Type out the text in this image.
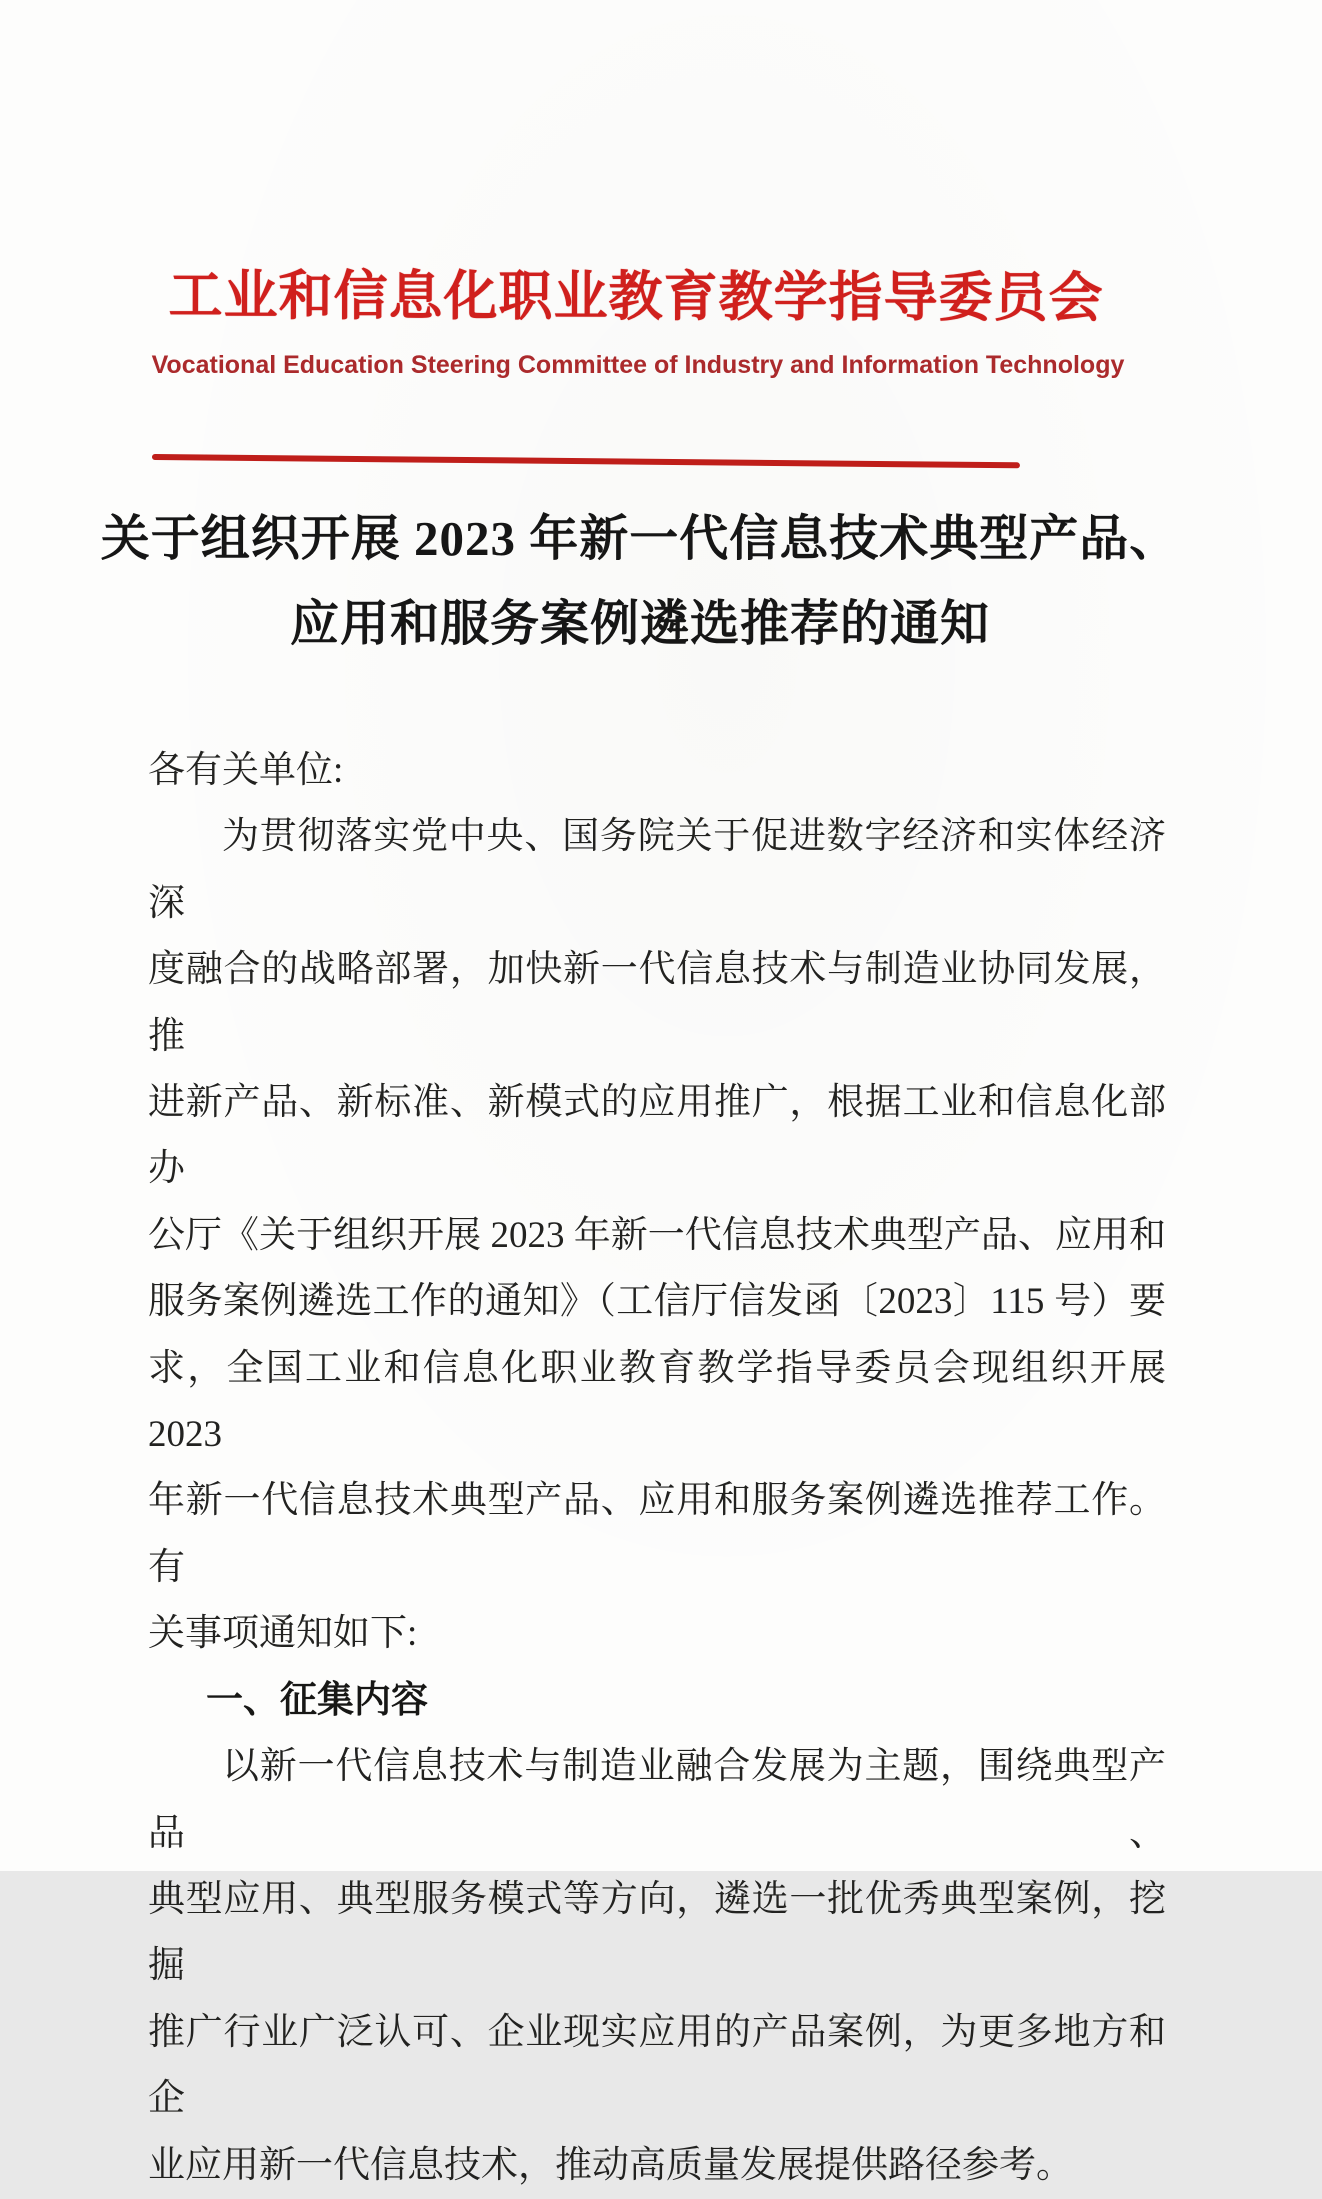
工业和信息化职业教育教学指导委员会
Vocational Education Steering Committee of Industry and Information Technology
关于组织开展 2023 年新一代信息技术典型产品、
应用和服务案例遴选推荐的通知
各有关单位:
为贯彻落实党中央、国务院关于促进数字经济和实体经济深
度融合的战略部署，加快新一代信息技术与制造业协同发展，推
进新产品、新标准、新模式的应用推广，根据工业和信息化部办
公厅《关于组织开展 2023 年新一代信息技术典型产品、应用和
服务案例遴选工作的通知》（工信厅信发函〔2023〕115 号）要
求，全国工业和信息化职业教育教学指导委员会现组织开展 2023
年新一代信息技术典型产品、应用和服务案例遴选推荐工作。有
关事项通知如下:
一、征集内容
以新一代信息技术与制造业融合发展为主题，围绕典型产品、
典型应用、典型服务模式等方向，遴选一批优秀典型案例，挖掘
推广行业广泛认可、企业现实应用的产品案例，为更多地方和企
业应用新一代信息技术，推动高质量发展提供路径参考。
